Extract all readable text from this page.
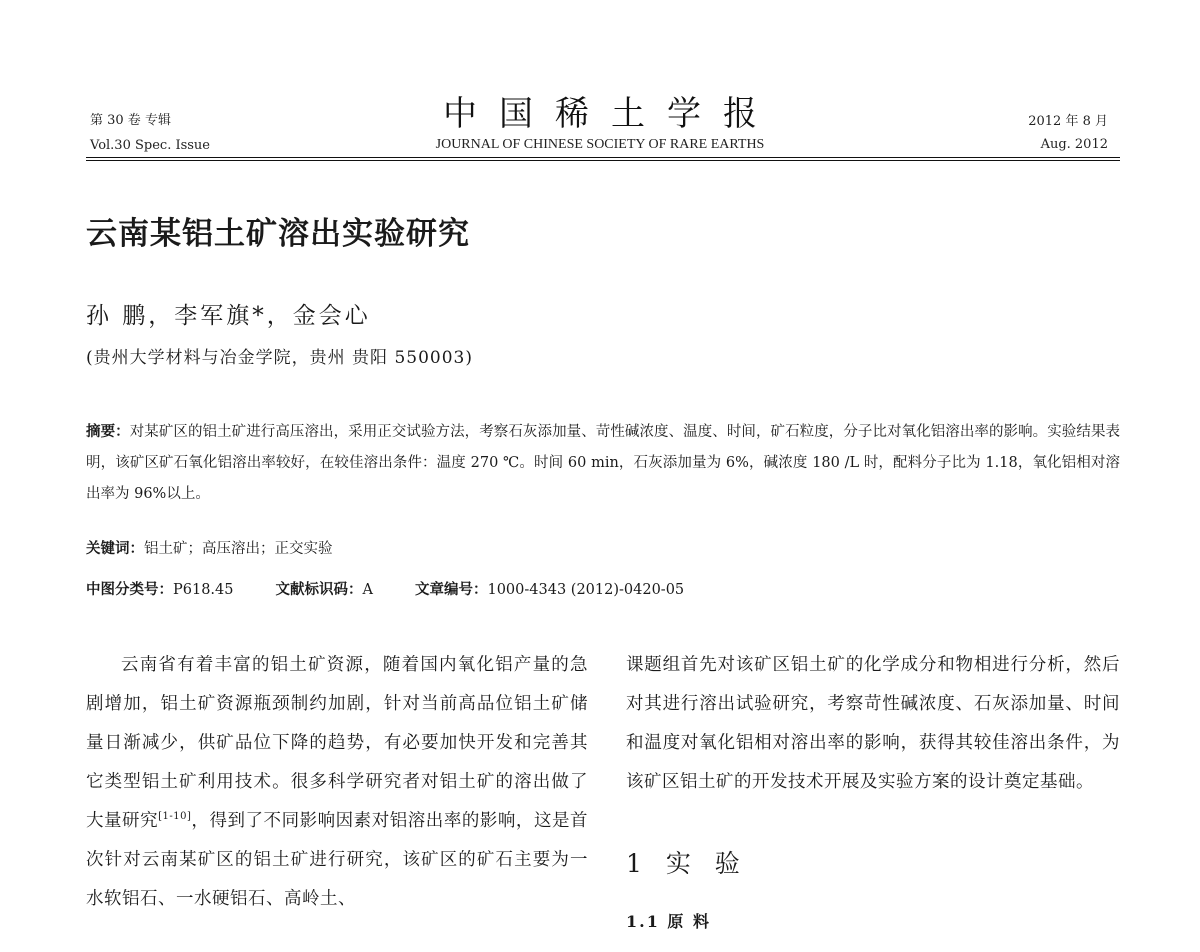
第 30 卷 专辑
Vol.30 Spec. Issue
中国稀土学报
JOURNAL OF CHINESE SOCIETY OF RARE EARTHS
2012 年 8 月
Aug. 2012
云南某铝土矿溶出实验研究
孙 鹏，李军旗*，金会心
(贵州大学材料与冶金学院，贵州 贵阳 550003)
摘要：对某矿区的铝土矿进行高压溶出，采用正交试验方法，考察石灰添加量、苛性碱浓度、温度、时间，矿石粒度，分子比对氧化铝溶出率的影响。实验结果表明，该矿区矿石氧化铝溶出率较好，在较佳溶出条件：温度 270 ℃。时间 60 min，石灰添加量为 6%，碱浓度 180 /L 时，配料分子比为 1.18，氧化铝相对溶出率为 96%以上。
关键词：铝土矿；高压溶出；正交实验
中图分类号：P618.45	文献标识码：A	文章编号：1000-4343 (2012)-0420-05
云南省有着丰富的铝土矿资源，随着国内氧化铝产量的急剧增加，铝土矿资源瓶颈制约加剧，针对当前高品位铝土矿储量日渐减少，供矿品位下降的趋势，有必要加快开发和完善其它类型铝土矿利用技术。很多科学研究者对铝土矿的溶出做了大量研究[1-10]，得到了不同影响因素对铝溶出率的影响，这是首次针对云南某矿区的铝土矿进行研究，该矿区的矿石主要为一水软铝石、一水硬铝石、高岭土、
课题组首先对该矿区铝土矿的化学成分和物相进行分析，然后对其进行溶出试验研究，考察苛性碱浓度、石灰添加量、时间和温度对氧化铝相对溶出率的影响，获得其较佳溶出条件，为该矿区铝土矿的开发技术开展及实验方案的设计奠定基础。
1 实 验
1.1 原 料
